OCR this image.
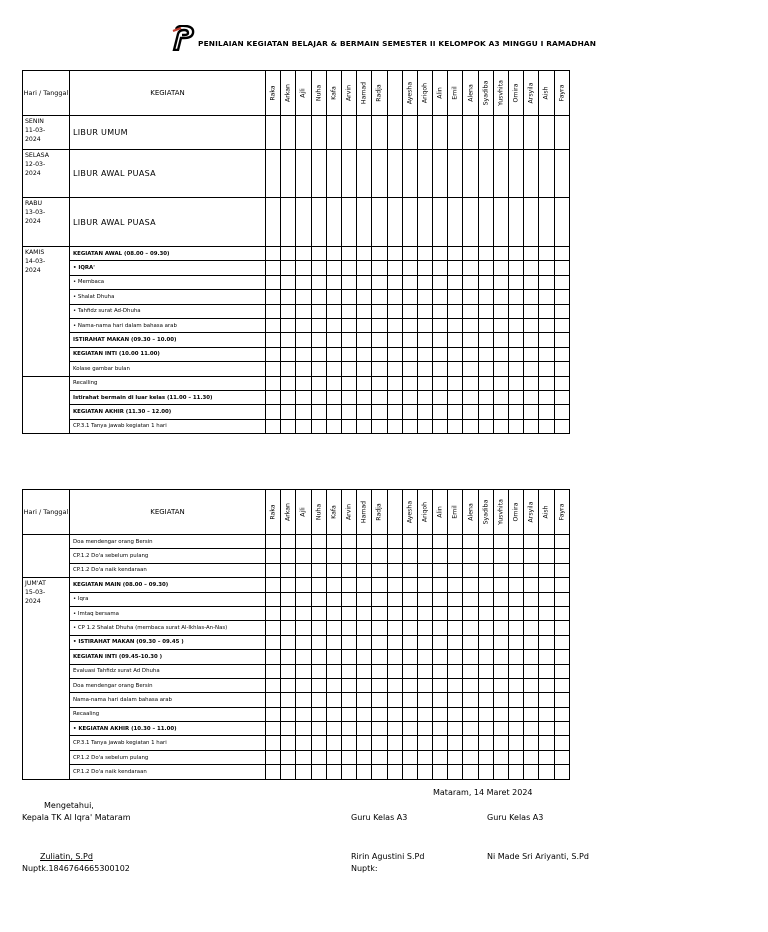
PENILAIAN KEGIATAN BELAJAR & BERMAIN SEMESTER II KELOMPOK A3 MINGGU I RAMADHAN
Hari / Tanggal	KEGIATAN	Raka	Arkan	Ajli	Nuha	Kafa	Arvin	Hamad	Radja		Ayesha	Ariqoh	Alin	Emil	Alena	Syadiba	Yusvhita	Omira	Arsyila	Aish	Fayra

SENIN
11-03-
2024	LIBUR UMUM																				
SELASA
12-03-
2024	LIBUR AWAL PUASA																				
RABU
13-03-
2024	LIBUR AWAL PUASA																				
KAMIS
14-03-
2024	KEGIATAN AWAL (08.00 – 09.30)																				
	• IQRA'																				
	• Membaca																				
	• Shalat Dhuha																				
	• Tahfidz surat Ad-Dhuha																				
	• Nama-nama hari dalam bahasa arab																				
	ISTIRAHAT MAKAN (09.30 – 10.00)																				
	KEGIATAN INTI (10.00 11.00)																				
	Kolase gambar bulan																				
	Recalling																				
	Istirahat bermain di luar kelas (11.00 – 11.30)																				
	KEGIATAN AKHIR (11.30 – 12.00)																				
	CP.3.1 Tanya jawab kegiatan 1 hari																				
Hari / Tanggal	KEGIATAN	Raka	Arkan	Ajli	Nuha	Kafa	Arvin	Hamad	Radja		Ayesha	Ariqoh	Alin	Emil	Alena	Syadiba	Yusvhita	Omira	Arsyila	Aish	Fayra

	Doa mendengar orang Bersin																				
	CP.1.2 Do'a sebelum pulang																				
	CP.1.2 Do'a naik kendaraan																				
JUM'AT
15-03-
2024	KEGIATAN MAIN (08.00 – 09.30)																				
	• Iqra																				
	• Imtaq bersama																				
	• CP 1.2 Shalat Dhuha (membaca surat Al-Ikhlas-An-Nas)																				
	• ISTIRAHAT MAKAN (09.30 – 09.45 )																				
	KEGIATAN INTI (09.45-10.30 )																				
	Evaluasi Tahfidz surat Ad Dhuha																				
	Doa mendengar orang Bersin																				
	Nama-nama hari dalam bahasa arab																				
	Recaaling																				
	• KEGIATAN AKHIR (10.30 – 11.00)																				
	CP.3.1 Tanya jawab kegiatan 1 hari																				
	CP.1.2 Do'a sebelum pulang																				
	CP.1.2 Do'a naik kendaraan																				
Mataram, 14 Maret 2024
Mengetahui,
Kepala TK Al Iqra' Mataram	Guru Kelas A3	Guru Kelas A3
Zuliatin, S.Pd
Nuptk.1846764665300102
Ririn Agustini S.Pd
Nuptk:
Ni Made Sri Ariyanti, S.Pd
